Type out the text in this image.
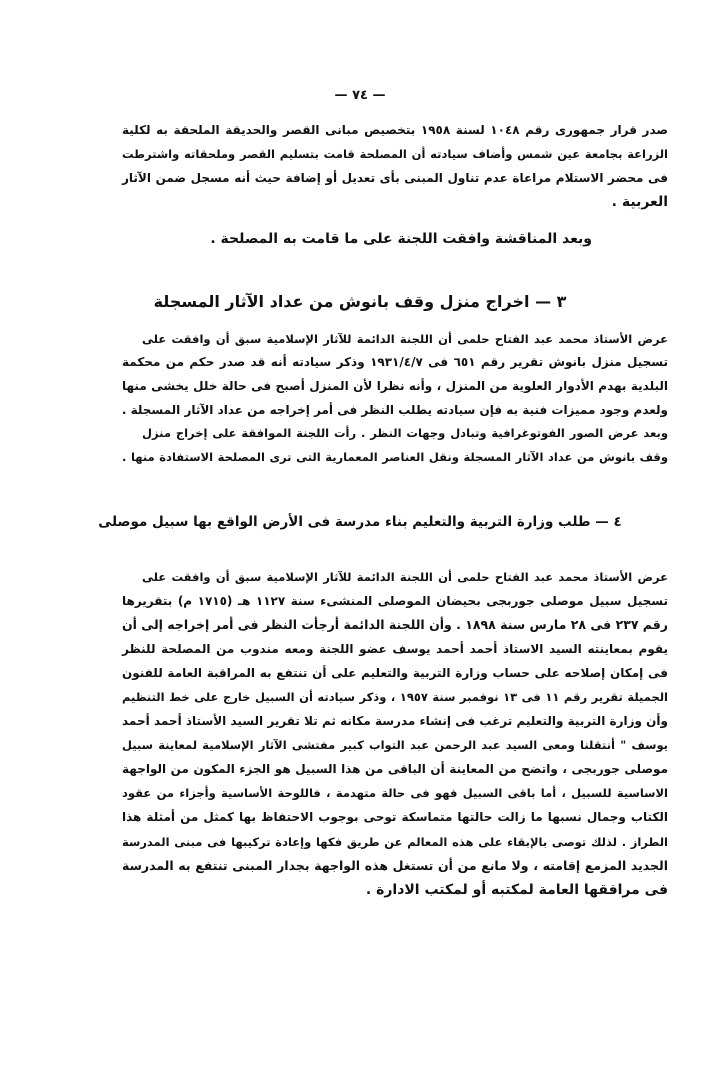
— ٧٤ —
صدر قرار جمهورى رقم ١٠٤٨ لسنة ١٩٥٨ بتخصيص مبانى القصر والحديقة الملحقة به لكلية
الزراعة بجامعة عين شمس وأضاف سيادته أن المصلحة قامت بتسليم القصر وملحقاته واشترطت
فى محضر الاستلام مراعاة عدم تناول المبنى بأى تعديل أو إضافة حيث أنه مسجل ضمن الآثار
العربية .
وبعد المناقشة وافقت اللجنة على ما قامت به المصلحة .
٣ — اخراج منزل وقف بانوش من عداد الآثار المسجلة
عرض الأستاذ محمد عبد الفتاح حلمى أن اللجنة الدائمة للآثار الإسلامية سبق أن وافقت على
تسجيل منزل بانوش تقرير رقم ٦٥١ فى ١٩٣١/٤/٧ وذكر سيادته أنه قد صدر حكم من محكمة
البلدية بهدم الأدوار العلوية من المنزل ، وأنه نظرا لأن المنزل أصبح فى حالة خلل يخشى منها
ولعدم وجود مميزات فنية به فإن سيادته يطلب النظر فى أمر إخراجه من عداد الآثار المسجلة .
وبعد عرض الصور الفوتوغرافية وتبادل وجهات النظر . رأت اللجنة الموافقة على إخراج منزل
وقف بانوش من عداد الآثار المسجلة ونقل العناصر المعمارية التى ترى المصلحة الاستفادة منها .
٤ — طلب وزارة التربية والتعليم بناء مدرسة فى الأرض الواقع بها سبيل موصلى
عرض الأستاذ محمد عبد الفتاح حلمى أن اللجنة الدائمة للآثار الإسلامية سبق أن وافقت على
تسجيل سبيل موصلى جوربجى بحيضان الموصلى المنشىء سنة ١١٢٧ هـ (١٧١٥ م) بتقريرها
رقم ٢٣٧ فى ٢٨ مارس سنة ١٨٩٨ . وأن اللجنة الدائمة أرجأت النظر فى أمر إخراجه إلى أن
يقوم بمعاينته السيد الاستاذ أحمد أحمد يوسف عضو اللجنة ومعه مندوب من المصلحة للنظر
فى إمكان إصلاحه على حساب وزارة التربية والتعليم على أن تنتفع به المراقبة العامة للفنون
الجميلة تقرير رقم ١١ فى ١٣ نوفمبر سنة ١٩٥٧ ، وذكر سيادته أن السبيل خارج على خط التنظيم
وأن وزارة التربية والتعليم ترغب فى إنشاء مدرسة مكانه ثم تلا تقرير السيد الأستاذ أحمد أحمد
يوسف " أنتقلنا ومعى السيد عبد الرحمن عبد التواب كبير مفتشى الآثار الإسلامية لمعاينة سبيل
موصلى جوربجى ، واتضح من المعاينة أن الباقى من هذا السبيل هو الجزء المكون من الواجهة
الاساسية للسبيل ، أما باقى السبيل فهو فى حالة متهدمة ، فاللوحة الأساسية وأجزاء من عقود
الكتاب وجمال نسبها ما زالت حالتها متماسكة توحى بوجوب الاحتفاظ بها كمثل من أمثلة هذا
الطراز . لذلك توصى بالإبقاء على هذه المعالم عن طريق فكها وإعادة تركيبها فى مبنى المدرسة
الجديد المزمع إقامته ، ولا مانع من أن تستغل هذه الواجهة بجدار المبنى تنتفع به المدرسة
فى مرافقها العامة لمكتبه أو لمكتب الادارة .
